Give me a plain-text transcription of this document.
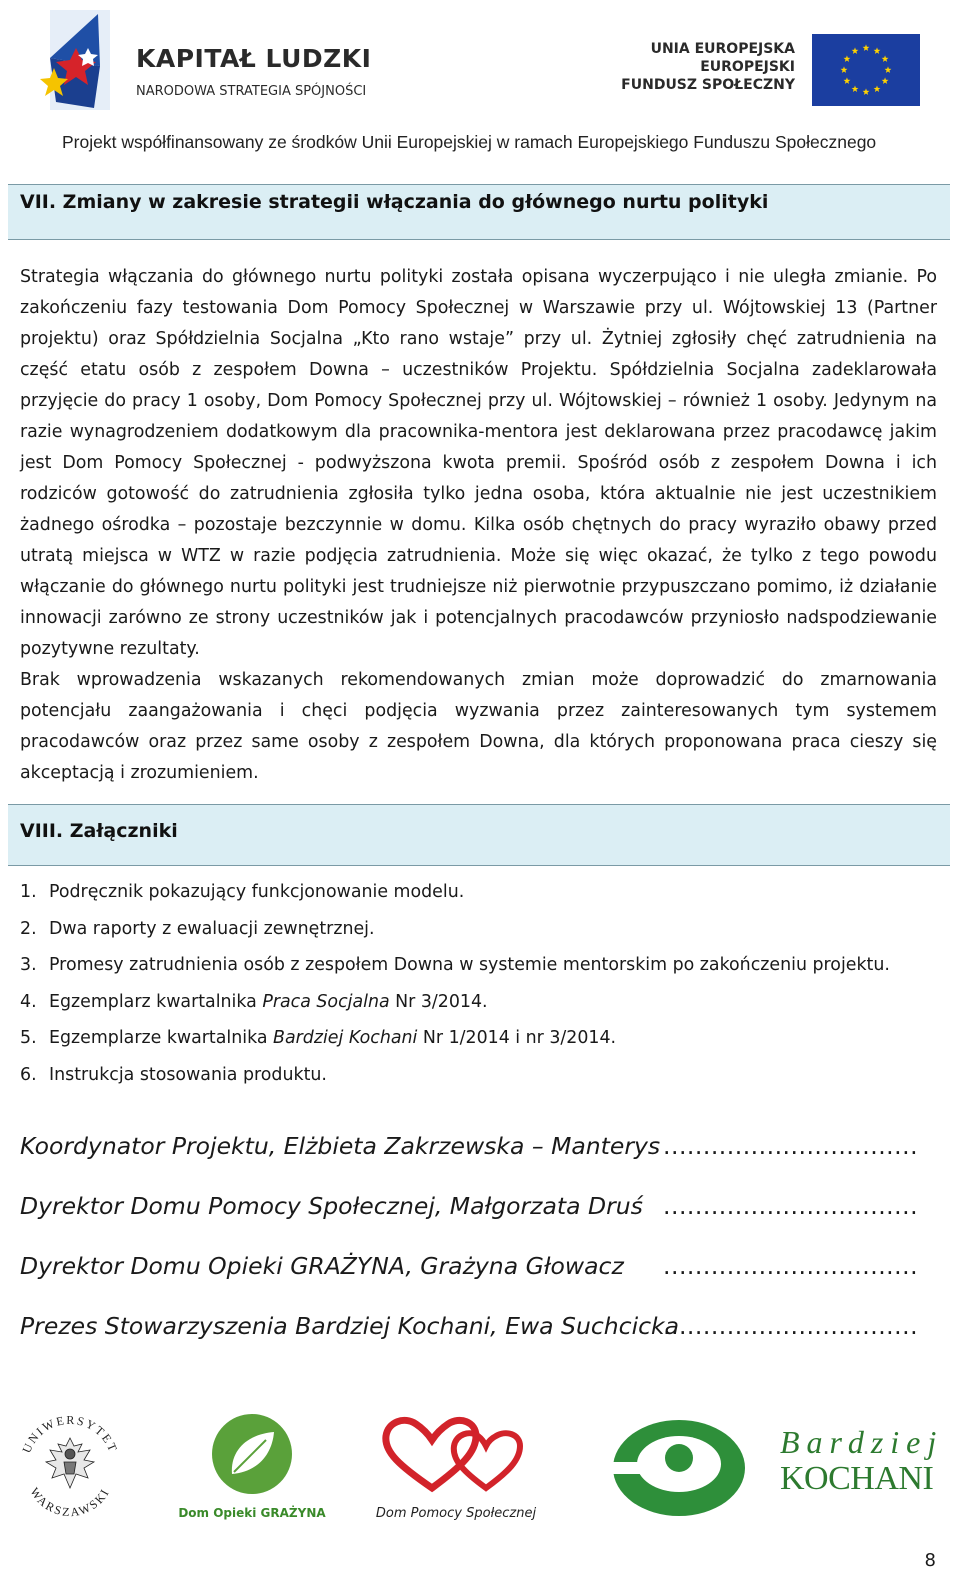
KAPITAŁ LUDZKI
NARODOWA STRATEGIA SPÓJNOŚCI
UNIA EUROPEJSKA
EUROPEJSKI
FUNDUSZ SPOŁECZNY
Projekt współfinansowany ze środków Unii Europejskiej w ramach Europejskiego Funduszu Społecznego
VII. Zmiany w zakresie strategii włączania do głównego nurtu polityki

Strategia włączania do głównego nurtu polityki została opisana wyczerpująco i nie uległa zmianie. Po zakończeniu fazy testowania Dom Pomocy Społecznej w Warszawie przy ul. Wójtowskiej 13 (Partner projektu) oraz Spółdzielnia Socjalna „Kto rano wstaje” przy ul. Żytniej zgłosiły chęć zatrudnienia na część etatu osób z zespołem Downa – uczestników Projektu. Spółdzielnia Socjalna zadeklarowała przyjęcie do pracy 1 osoby, Dom Pomocy Społecznej przy ul. Wójtowskiej – również 1 osoby. Jedynym na razie wynagrodzeniem dodatkowym dla pracownika-mentora jest deklarowana przez pracodawcę jakim jest Dom Pomocy Społecznej - podwyższona kwota premii. Spośród osób z zespołem Downa i ich rodziców gotowość do zatrudnienia zgłosiła tylko jedna osoba, która aktualnie nie jest uczestnikiem żadnego ośrodka – pozostaje bezczynnie w domu. Kilka osób chętnych do pracy wyraziło obawy przed utratą miejsca w WTZ w razie podjęcia zatrudnienia. Może się więc okazać, że tylko z tego powodu włączanie do głównego nurtu polityki jest trudniejsze niż pierwotnie przypuszczano pomimo, iż działanie innowacji zarówno ze strony uczestników jak i potencjalnych pracodawców przyniosło nadspodziewanie pozytywne rezultaty.

Brak wprowadzenia wskazanych rekomendowanych zmian może doprowadzić do zmarnowania potencjału zaangażowania i chęci podjęcia wyzwania przez zainteresowanych tym systemem pracodawców oraz przez same osoby z zespołem Downa, dla których proponowana praca cieszy się akceptacją i zrozumieniem.

VIII. Załączniki
1. Podręcznik pokazujący funkcjonowanie modelu.
2. Dwa raporty z ewaluacji zewnętrznej.
3. Promesy zatrudnienia osób z zespołem Downa w systemie mentorskim po zakończeniu projektu.
4. Egzemplarz kwartalnika Praca Socjalna Nr 3/2014.
5. Egzemplarze kwartalnika Bardziej Kochani Nr 1/2014 i nr 3/2014.
6. Instrukcja stosowania produktu.
Koordynator Projektu, Elżbieta Zakrzewska – Manterys ................................
Dyrektor Domu Pomocy Społecznej, Małgorzata Druś ................................
Dyrektor Domu Opieki GRAŻYNA, Grażyna Głowacz ................................
Prezes Stowarzyszenia Bardziej Kochani, Ewa Suchcicka
................................
UNIWERSYTET
WARSZAWSKI
Dom Opieki GRAŻYNA	Dom Pomocy Społecznej
Bardziej
KOCHANI
8
